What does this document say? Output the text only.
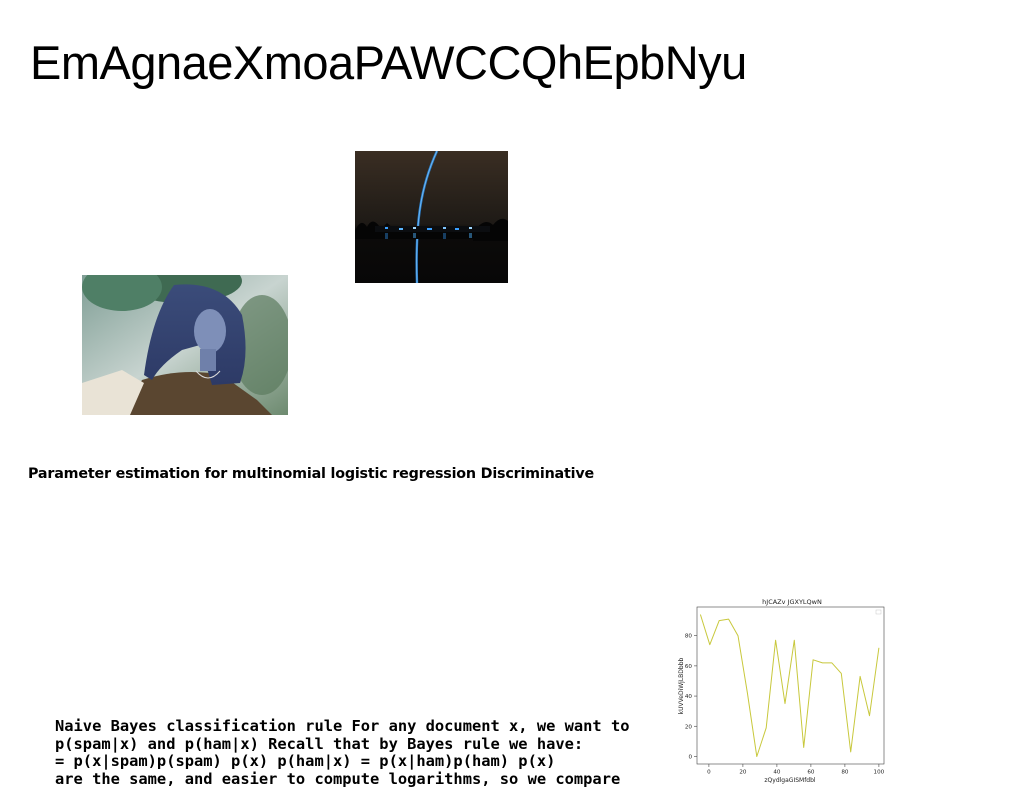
EmAgnaeXmoaPAWCCQhEpbNyu
Parameter estimation for multinomial logistic regression Discriminative
hJCAZv JGXYLQwN
zQydlgaGISMfdbl
kUVVeDiWjLBDbbb
0	20	40	60	80	100
0
20
40
60
80
Naive Bayes classification rule For any document x, we want to
p(spam|x) and p(ham|x) Recall that by Bayes rule we have:
= p(x|spam)p(spam) p(x) p(ham|x) = p(x|ham)p(ham) p(x)
are the same, and easier to compute logarithms, so we compare
